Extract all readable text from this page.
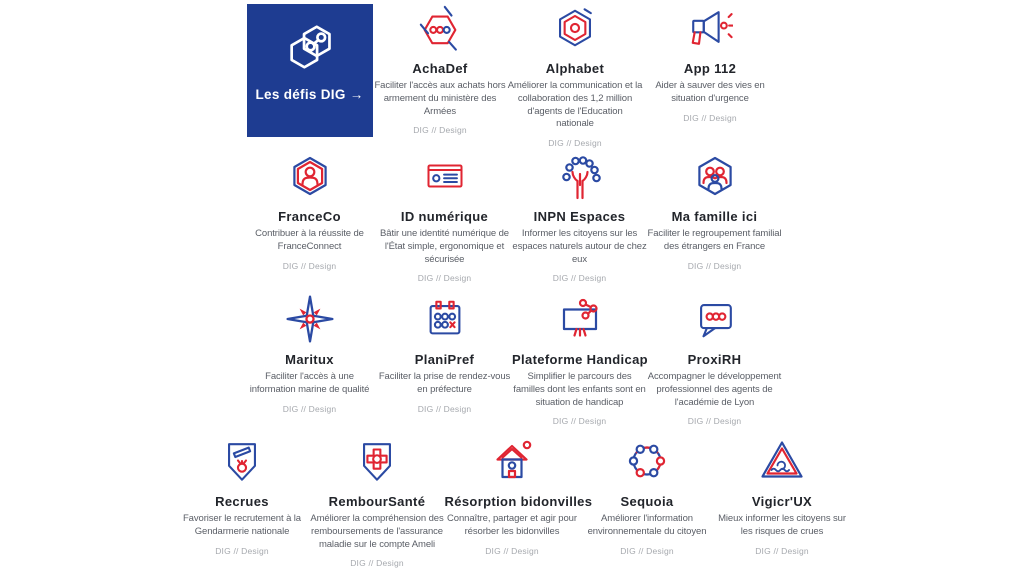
Les défis DIG →
AchaDef
Faciliter l'accès aux achats hors
armement du ministère des
Armées
DIG // Design
Alphabet
Améliorer la communication et la
collaboration des 1,2 million
d'agents de l'Education
nationale
DIG // Design
App 112
Aider à sauver des vies en
situation d'urgence
DIG // Design
FranceCo
Contribuer à la réussite de
FranceConnect
DIG // Design
ID numérique
Bâtir une identité numérique de
l'État simple, ergonomique et
sécurisée
DIG // Design
INPN Espaces
Informer les citoyens sur les
espaces naturels autour de chez
eux
DIG // Design
Ma famille ici
Faciliter le regroupement familial
des étrangers en France
DIG // Design
Maritux
Faciliter l'accès à une
information marine de qualité
DIG // Design
PlaniPref
Faciliter la prise de rendez-vous
en préfecture
DIG // Design
Plateforme Handicap
Simplifier le parcours des
familles dont les enfants sont en
situation de handicap
DIG // Design
ProxiRH
Accompagner le développement
professionnel des agents de
l'académie de Lyon
DIG // Design
Recrues
Favoriser le recrutement à la
Gendarmerie nationale
DIG // Design
RembourSanté
Améliorer la compréhension des
remboursements de l'assurance
maladie sur le compte Ameli
DIG // Design
Résorption bidonvilles
Connaître, partager et agir pour
résorber les bidonvilles
DIG // Design
Sequoia
Améliorer l'information
environnementale du citoyen
DIG // Design
Vigicr'UX
Mieux informer les citoyens sur
les risques de crues
DIG // Design
